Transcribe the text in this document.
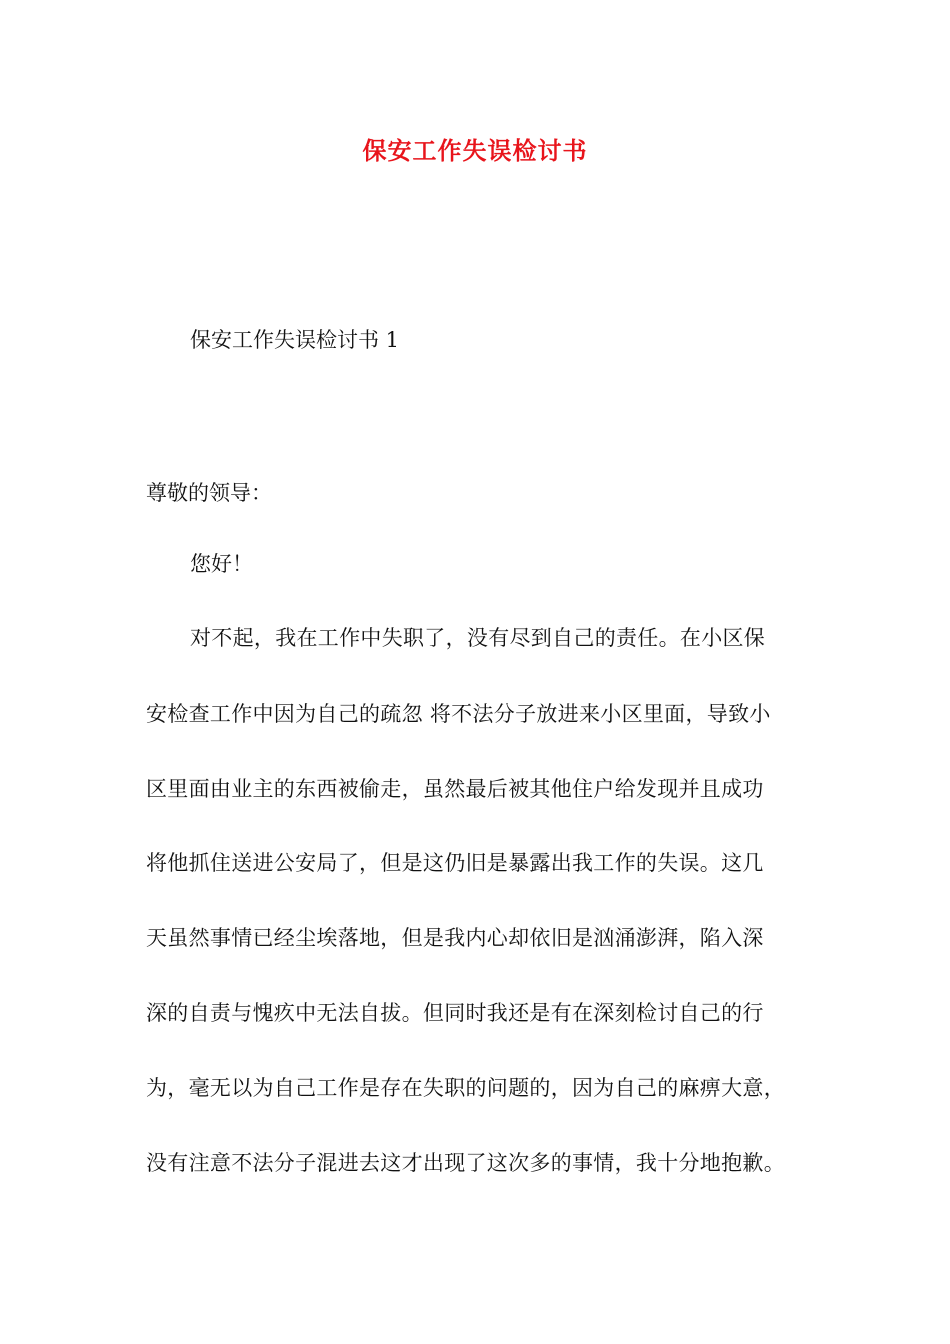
保安工作失误检讨书
保安工作失误检讨书 1
尊敬的领导：
您好！
对不起，我在工作中失职了，没有尽到自己的责任。在小区保
安检查工作中因为自己的疏忽 将不法分子放进来小区里面，导致小
区里面由业主的东西被偷走，虽然最后被其他住户给发现并且成功
将他抓住送进公安局了，但是这仍旧是暴露出我工作的失误。这几
天虽然事情已经尘埃落地，但是我内心却依旧是汹涌澎湃，陷入深
深的自责与愧疚中无法自拔。但同时我还是有在深刻检讨自己的行
为，毫无以为自己工作是存在失职的问题的，因为自己的麻痹大意，
没有注意不法分子混进去这才出现了这次多的事情，我十分地抱歉。
